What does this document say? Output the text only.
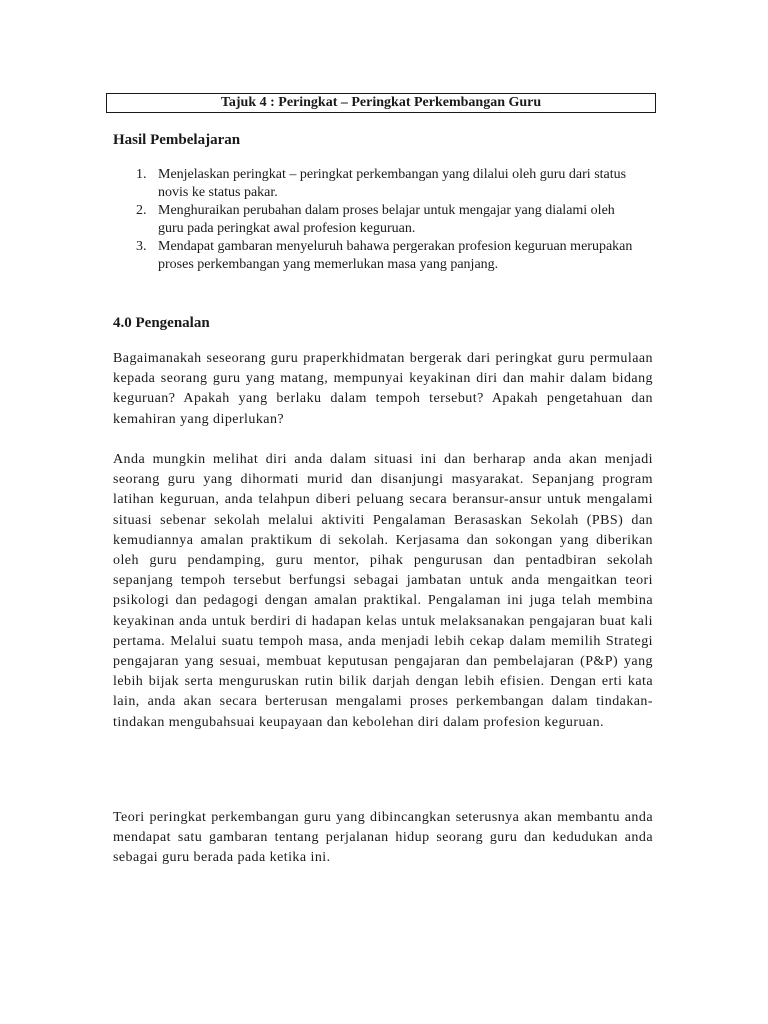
Tajuk 4 : Peringkat – Peringkat Perkembangan Guru
Hasil Pembelajaran
1. Menjelaskan peringkat – peringkat perkembangan yang dilalui oleh guru dari status novis ke status pakar.
2. Menghuraikan perubahan dalam proses belajar untuk mengajar yang dialami oleh guru pada peringkat awal profesion keguruan.
3. Mendapat gambaran menyeluruh bahawa pergerakan profesion keguruan merupakan proses perkembangan yang memerlukan masa yang panjang.
4.0 Pengenalan

Bagaimanakah seseorang guru praperkhidmatan bergerak dari peringkat guru permulaan kepada seorang guru yang matang, mempunyai keyakinan diri dan mahir dalam bidang keguruan? Apakah yang berlaku dalam tempoh tersebut? Apakah pengetahuan dan kemahiran yang diperlukan?

Anda mungkin melihat diri anda dalam situasi ini dan berharap anda akan menjadi seorang guru yang dihormati murid dan disanjungi masyarakat. Sepanjang program latihan keguruan, anda telahpun diberi peluang secara beransur-ansur untuk mengalami situasi sebenar sekolah melalui aktiviti Pengalaman Berasaskan Sekolah (PBS) dan kemudiannya amalan praktikum di sekolah. Kerjasama dan sokongan yang diberikan oleh guru pendamping, guru mentor, pihak pengurusan dan pentadbiran sekolah sepanjang tempoh tersebut berfungsi sebagai jambatan untuk anda mengaitkan teori psikologi dan pedagogi dengan amalan praktikal. Pengalaman ini juga telah membina keyakinan anda untuk berdiri di hadapan kelas untuk melaksanakan pengajaran buat kali pertama. Melalui suatu tempoh masa, anda menjadi lebih cekap dalam memilih Strategi pengajaran yang sesuai, membuat keputusan pengajaran dan pembelajaran (P&P) yang lebih bijak serta menguruskan rutin bilik darjah dengan lebih efisien. Dengan erti kata lain, anda akan secara berterusan mengalami proses perkembangan dalam tindakan-tindakan mengubahsuai keupayaan dan kebolehan diri dalam profesion keguruan.

Teori peringkat perkembangan guru yang dibincangkan seterusnya akan membantu anda mendapat satu gambaran tentang perjalanan hidup seorang guru dan kedudukan anda sebagai guru berada pada ketika ini.
